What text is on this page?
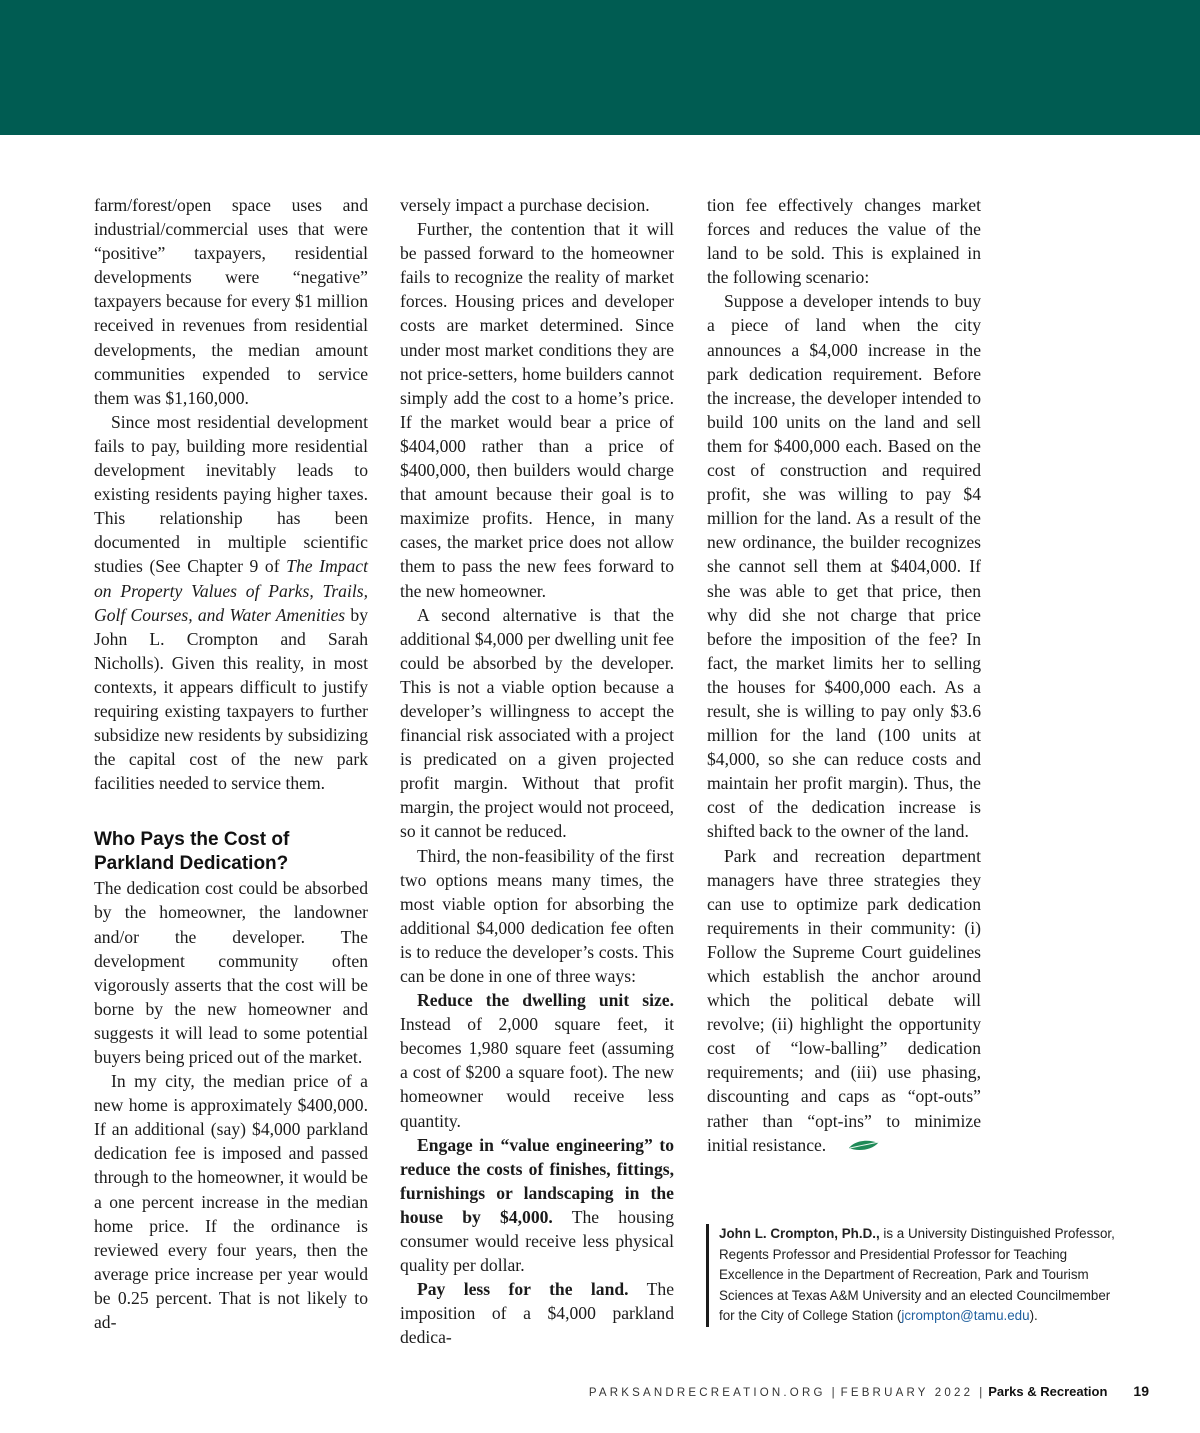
farm/forest/open space uses and industrial/commercial uses that were “positive” taxpayers, residential developments were “negative” taxpayers because for every $1 million received in revenues from residential developments, the median amount communities expended to service them was $1,160,000.

Since most residential development fails to pay, building more residential development inevitably leads to existing residents paying higher taxes. This relationship has been documented in multiple scientific studies (See Chapter 9 of The Impact on Property Values of Parks, Trails, Golf Courses, and Water Amenities by John L. Crompton and Sarah Nicholls). Given this reality, in most contexts, it appears difficult to justify requiring existing taxpayers to further subsidize new residents by subsidizing the capital cost of the new park facilities needed to service them.

Who Pays the Cost of Parkland Dedication?

The dedication cost could be absorbed by the homeowner, the landowner and/or the developer. The development community often vigorously asserts that the cost will be borne by the new homeowner and suggests it will lead to some potential buyers being priced out of the market.

In my city, the median price of a new home is approximately $400,000. If an additional (say) $4,000 parkland dedication fee is imposed and passed through to the homeowner, it would be a one percent increase in the median home price. If the ordinance is reviewed every four years, then the average price increase per year would be 0.25 percent. That is not likely to ad-

versely impact a purchase decision.

Further, the contention that it will be passed forward to the homeowner fails to recognize the reality of market forces. Housing prices and developer costs are market determined. Since under most market conditions they are not price-setters, home builders cannot simply add the cost to a home’s price. If the market would bear a price of $404,000 rather than a price of $400,000, then builders would charge that amount because their goal is to maximize profits. Hence, in many cases, the market price does not allow them to pass the new fees forward to the new homeowner.

A second alternative is that the additional $4,000 per dwelling unit fee could be absorbed by the developer. This is not a viable option because a developer’s willingness to accept the financial risk associated with a project is predicated on a given projected profit margin. Without that profit margin, the project would not proceed, so it cannot be reduced.

Third, the non-feasibility of the first two options means many times, the most viable option for absorbing the additional $4,000 dedication fee often is to reduce the developer’s costs. This can be done in one of three ways:

Reduce the dwelling unit size. Instead of 2,000 square feet, it becomes 1,980 square feet (assuming a cost of $200 a square foot). The new homeowner would receive less quantity.

Engage in “value engineering” to reduce the costs of finishes, fittings, furnishings or landscaping in the house by $4,000. The housing consumer would receive less physical quality per dollar.

Pay less for the land. The imposition of a $4,000 parkland dedica-

tion fee effectively changes market forces and reduces the value of the land to be sold. This is explained in the following scenario:

Suppose a developer intends to buy a piece of land when the city announces a $4,000 increase in the park dedication requirement. Before the increase, the developer intended to build 100 units on the land and sell them for $400,000 each. Based on the cost of construction and required profit, she was willing to pay $4 million for the land. As a result of the new ordinance, the builder recognizes she cannot sell them at $404,000. If she was able to get that price, then why did she not charge that price before the imposition of the fee? In fact, the market limits her to selling the houses for $400,000 each. As a result, she is willing to pay only $3.6 million for the land (100 units at $4,000, so she can reduce costs and maintain her profit margin). Thus, the cost of the dedication increase is shifted back to the owner of the land.

Park and recreation department managers have three strategies they can use to optimize park dedication requirements in their community: (i) Follow the Supreme Court guidelines which establish the anchor around which the political debate will revolve; (ii) highlight the opportunity cost of “low-balling” dedication requirements; and (iii) use phasing, discounting and caps as “opt-outs” rather than “opt-ins” to minimize initial resistance.

John L. Crompton, Ph.D., is a University Distinguished Professor, Regents Professor and Presidential Professor for Teaching Excellence in the Department of Recreation, Park and Tourism Sciences at Texas A&M University and an elected Councilmember for the City of College Station (jcrompton@tamu.edu).
PARKSANDRECREATION.ORG | FEBRUARY 2022 | Parks & Recreation 19
